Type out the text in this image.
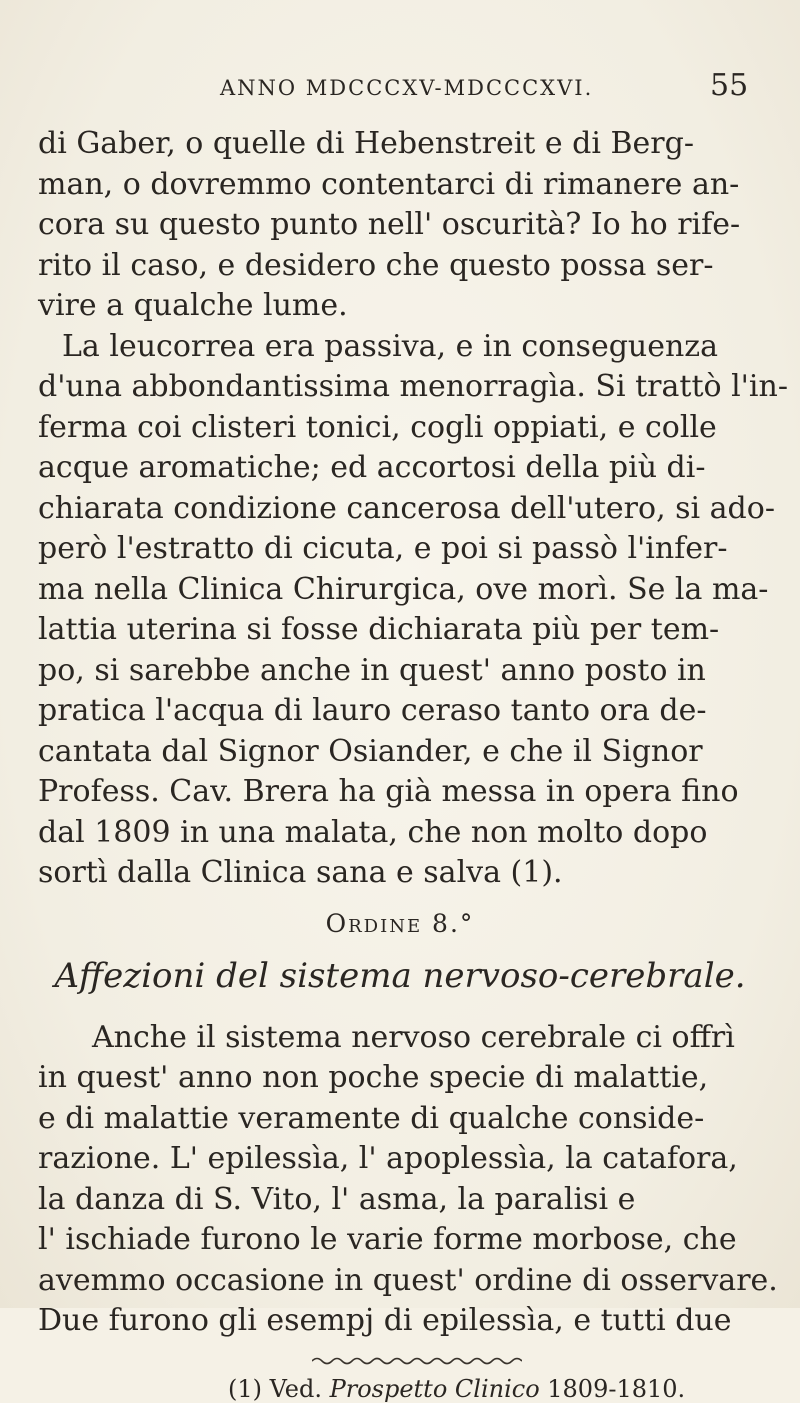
ANNO MDCCCXV-MDCCCXVI.	55
di Gaber, o quelle di Hebenstreit e di Berg-
man, o dovremmo contentarci di rimanere an-
cora su questo punto nell' oscurità? Io ho rife-
rito il caso, e desidero che questo possa ser-
vire a qualche lume.
La leucorrea era passiva, e in conseguenza
d'una abbondantissima menorragìa. Si trattò l'in-
ferma coi clisteri tonici, cogli oppiati, e colle
acque aromatiche; ed accortosi della più di-
chiarata condizione cancerosa dell'utero, si ado-
però l'estratto di cicuta, e poi si passò l'infer-
ma nella Clinica Chirurgica, ove morì. Se la ma-
lattia uterina si fosse dichiarata più per tem-
po, si sarebbe anche in quest' anno posto in
pratica l'acqua di lauro ceraso tanto ora de-
cantata dal Signor Osiander, e che il Signor
Profess. Cav. Brera ha già messa in opera fino
dal 1809 in una malata, che non molto dopo
sortì dalla Clinica sana e salva (1).
Ordine 8.°
Affezioni del sistema nervoso-cerebrale.
Anche il sistema nervoso cerebrale ci offrì
in quest' anno non poche specie di malattie,
e di malattie veramente di qualche conside-
razione. L' epilessìa, l' apoplessìa, la catafora,
la danza di S. Vito, l' asma, la paralisi e
l' ischiade furono le varie forme morbose, che
avemmo occasione in quest' ordine di osservare.
Due furono gli esempj di epilessìa, e tutti due
(1) Ved. Prospetto Clinico 1809-1810.
